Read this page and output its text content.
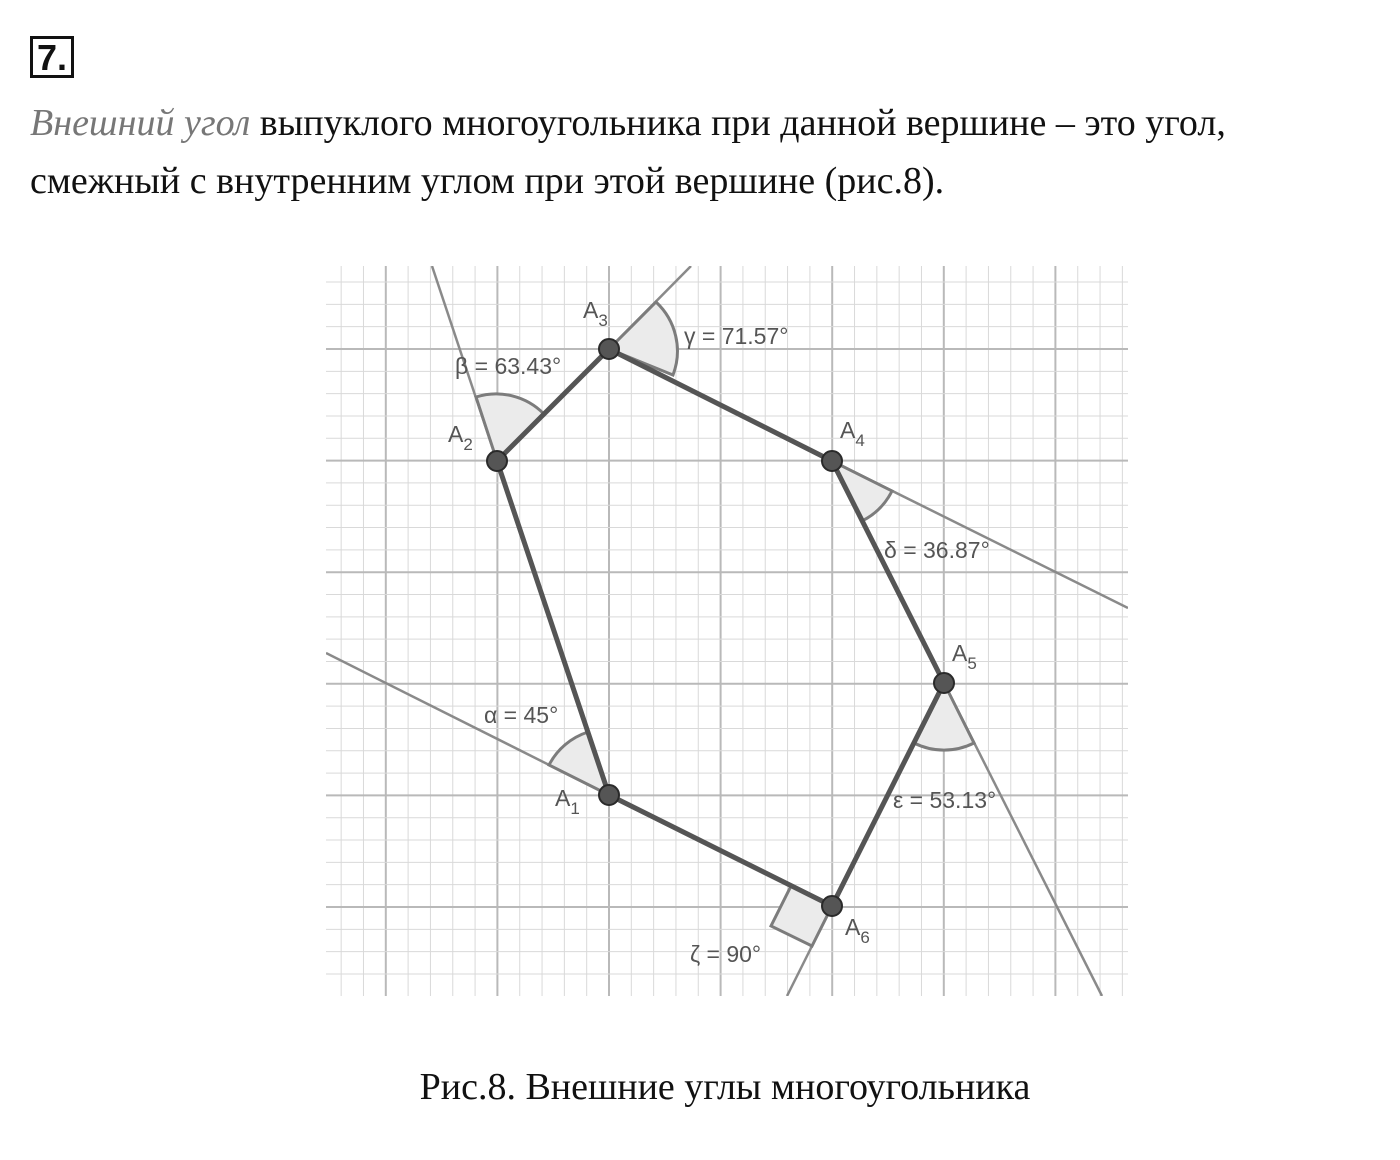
7.
Внешний угол выпуклого многоугольника при данной вершине – это угол,
смежный с внутренним углом при этой вершине (рис.8).
$A_1$
$A_2$
$A_3$
$A_4$
$A_5$
$A_6$
α = 45°
β = 63.43°
γ = 71.57°
δ = 36.87°
ε = 53.13°
ζ = 90°
Рис.8. Внешние углы многоугольника
